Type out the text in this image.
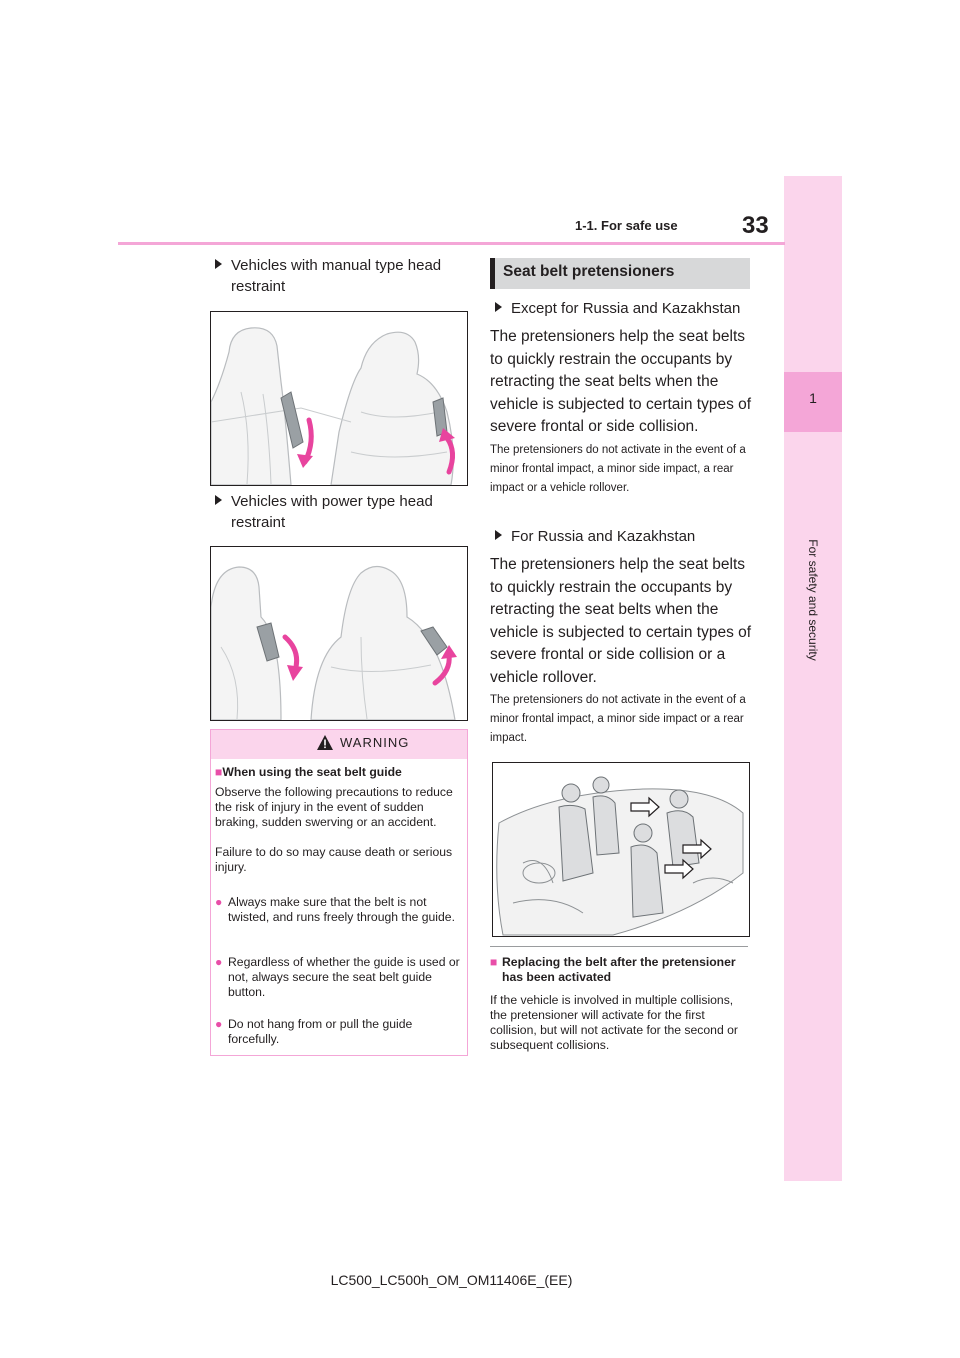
1
For safety and security
1-1. For safe use	33
Vehicles with manual type head restraint
Vehicles with power type head restraint
WARNING
■When using the seat belt guide
Observe the following precautions to reduce the risk of injury in the event of sudden braking, sudden swerving or an accident.
Failure to do so may cause death or serious injury.
● Always make sure that the belt is not twisted, and runs freely through the guide.
● Regardless of whether the guide is used or not, always secure the seat belt guide button.
● Do not hang from or pull the guide forcefully.
Seat belt pretensioners
Except for Russia and Kazakhstan
The pretensioners help the seat belts to quickly restrain the occupants by retracting the seat belts when the vehicle is subjected to certain types of severe frontal or side collision.
The pretensioners do not activate in the event of a minor frontal impact, a minor side impact, a rear impact or a vehicle rollover.
For Russia and Kazakhstan
The pretensioners help the seat belts to quickly restrain the occupants by retracting the seat belts when the vehicle is subjected to certain types of severe frontal or side collision or a vehicle rollover.
The pretensioners do not activate in the event of a minor frontal impact, a minor side impact or a rear impact.
■ Replacing the belt after the pretensioner has been activated
If the vehicle is involved in multiple collisions, the pretensioner will activate for the first collision, but will not activate for the second or subsequent collisions.
LC500_LC500h_OM_OM11406E_(EE)
